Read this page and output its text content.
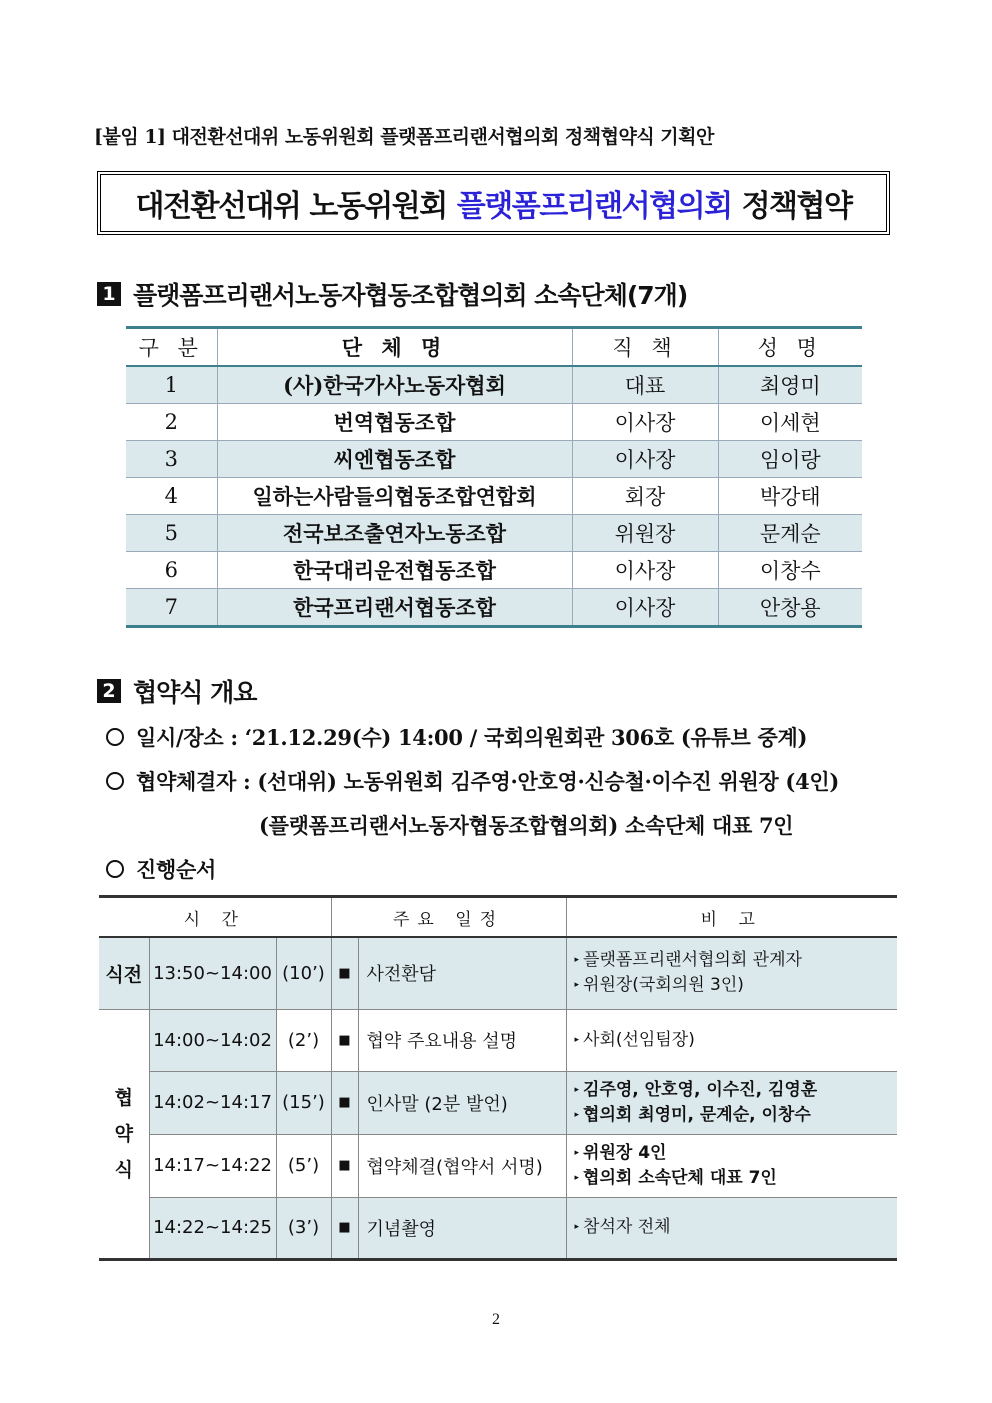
[붙임 1] 대전환선대위 노동위원회 플랫폼프리랜서협의회 정책협약식 기획안
대전환선대위 노동위원회 플랫폼프리랜서협의회 정책협약
1 플랫폼프리랜서노동자협동조합협의회 소속단체(7개)
구 분	단 체 명	직 책	성 명
1	(사)한국가사노동자협회	대표	최영미
2	번역협동조합	이사장	이세현
3	씨엔협동조합	이사장	임이랑
4	일하는사람들의협동조합연합회	회장	박강태
5	전국보조출연자노동조합	위원장	문계순
6	한국대리운전협동조합	이사장	이창수
7	한국프리랜서협동조합	이사장	안창용
2 협약식 개요
일시/장소 : ‘21.12.29(수) 14:00 / 국회의원회관 306호 (유튜브 중계)
협약체결자 : (선대위) 노동위원회 김주영·안호영·신승철·이수진 위원장 (4인)
(플랫폼프리랜서노동자협동조합협의회) 소속단체 대표 7인
진행순서
시 간			주요 일정		비 고
식전	13:50~14:00	(10’)	■	사전환담	▸ 플랫폼프리랜서협의회 관계자
▸ 위원장(국회의원 3인)

협
약
식	14:00~14:02	(2’)	■	협약 주요내용 설명	▸ 사회(선임팀장)

	14:02~14:17	(15’)	■	인사말 (2분 발언)	▸ 김주영, 안호영, 이수진, 김영훈
▸ 협의회 최영미, 문계순, 이창수

	14:17~14:22	(5’)	■	협약체결(협약서 서명)	▸ 위원장 4인
▸ 협의회 소속단체 대표 7인

	14:22~14:25	(3’)	■	기념촬영	▸ 참석자 전체
2
